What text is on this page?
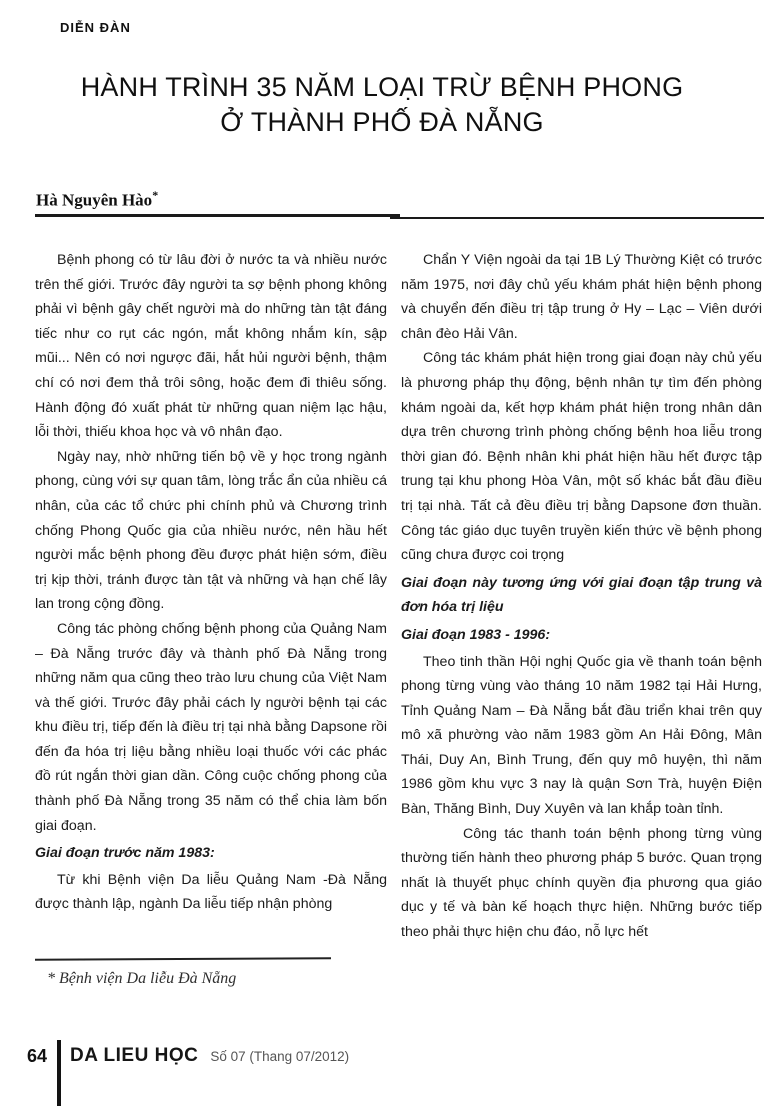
DIỄN ĐÀN
HÀNH TRÌNH 35 NĂM LOẠI TRỪ BỆNH PHONG
Ở THÀNH PHỐ ĐÀ NẴNG
Hà Nguyên Hào*

Bệnh phong có từ lâu đời ở nước ta và nhiều nước trên thế giới. Trước đây người ta sợ bệnh phong không phải vì bệnh gây chết người mà do những tàn tật đáng tiếc như co rụt các ngón, mắt không nhắm kín, sập mũi... Nên có nơi ngược đãi, hắt hủi người bệnh, thậm chí có nơi đem thả trôi sông, hoặc đem đi thiêu sống. Hành động đó xuất phát từ những quan niệm lạc hậu, lỗi thời, thiếu khoa học và vô nhân đạo.

Ngày nay, nhờ những tiến bộ về y học trong ngành phong, cùng với sự quan tâm, lòng trắc ẩn của nhiều cá nhân, của các tổ chức phi chính phủ và Chương trình chống Phong Quốc gia của nhiều nước, nên hầu hết người mắc bệnh phong đều được phát hiện sớm, điều trị kịp thời, tránh được tàn tật và những và hạn chế lây lan trong cộng đồng.

Công tác phòng chống bệnh phong của Quảng Nam – Đà Nẵng trước đây và thành phố Đà Nẵng trong những năm qua cũng theo trào lưu chung của Việt Nam và thế giới. Trước đây phải cách ly người bệnh tại các khu điều trị, tiếp đến là điều trị tại nhà bằng Dapsone rồi đến đa hóa trị liệu bằng nhiều loại thuốc với các phác đồ rút ngắn thời gian dần. Công cuộc chống phong của thành phố Đà Nẵng trong 35 năm có thể chia làm bốn giai đoạn.

Giai đoạn trước năm 1983:

Từ khi Bệnh viện Da liễu Quảng Nam -Đà Nẵng được thành lập, ngành Da liễu tiếp nhận phòng

Chẩn Y Viện ngoài da tại 1B Lý Thường Kiệt có trước năm 1975, nơi đây chủ yếu khám phát hiện bệnh phong và chuyển đến điều trị tập trung ở Hy – Lạc – Viên dưới chân đèo Hải Vân.

Công tác khám phát hiện trong giai đoạn này chủ yếu là phương pháp thụ động, bệnh nhân tự tìm đến phòng khám ngoài da, kết hợp khám phát hiện trong nhân dân dựa trên chương trình phòng chống bệnh hoa liễu trong thời gian đó. Bệnh nhân khi phát hiện hầu hết được tập trung tại khu phong Hòa Vân, một số khác bắt đầu điều trị tại nhà. Tất cả đều điều trị bằng Dapsone đơn thuần. Công tác giáo dục tuyên truyền kiến thức về bệnh phong cũng chưa được coi trọng

Giai đoạn này tương ứng với giai đoạn tập trung và đơn hóa trị liệu

Giai đoạn 1983 - 1996:

Theo tinh thần Hội nghị Quốc gia về thanh toán bệnh phong từng vùng vào tháng 10 năm 1982 tại Hải Hưng, Tỉnh Quảng Nam – Đà Nẵng bắt đầu triển khai trên quy mô xã phường vào năm 1983 gồm An Hải Đông, Mân Thái, Duy An, Bình Trung, đến quy mô huyện, thì năm 1986 gồm khu vực 3 nay là quận Sơn Trà, huyện Điện Bàn, Thăng Bình, Duy Xuyên và lan khắp toàn tỉnh.

Công tác thanh toán bệnh phong từng vùng thường tiến hành theo phương pháp 5 bước. Quan trọng nhất là thuyết phục chính quyền địa phương qua giáo dục y tế và bàn kế hoạch thực hiện. Những bước tiếp theo phải thực hiện chu đáo, nỗ lực hết

* Bệnh viện Da liễu Đà Nẵng
64 DA LIEU HỌC Số 07 (Thang 07/2012)
